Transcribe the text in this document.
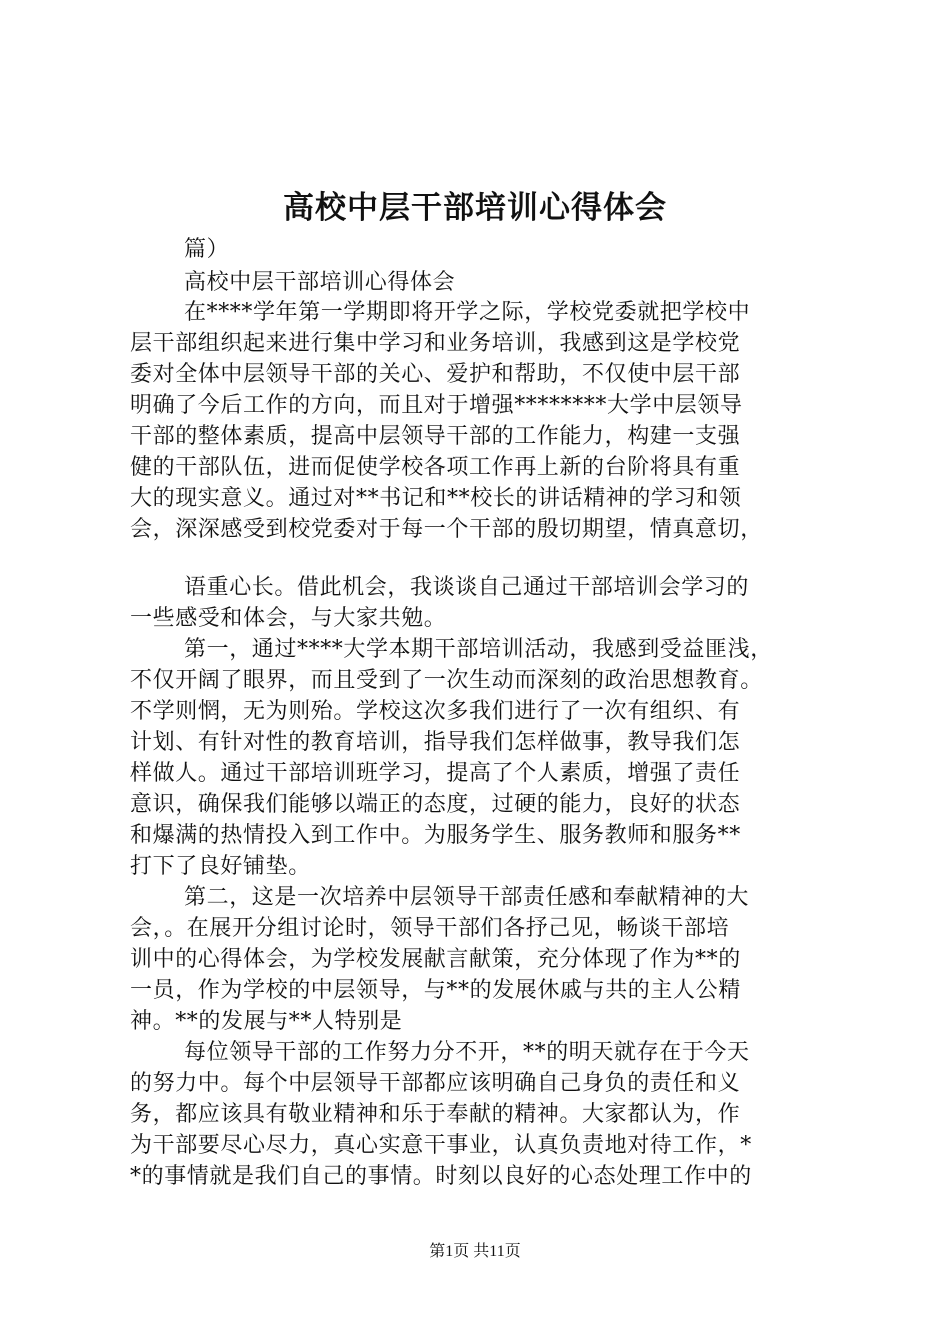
高校中层干部培训心得体会
篇）
高校中层干部培训心得体会
在****学年第一学期即将开学之际，学校党委就把学校中
层干部组织起来进行集中学习和业务培训，我感到这是学校党
委对全体中层领导干部的关心、爱护和帮助，不仅使中层干部
明确了今后工作的方向，而且对于增强********大学中层领导
干部的整体素质，提高中层领导干部的工作能力，构建一支强
健的干部队伍，进而促使学校各项工作再上新的台阶将具有重
大的现实意义。通过对**书记和**校长的讲话精神的学习和领
会，深深感受到校党委对于每一个干部的殷切期望，情真意切，
语重心长。借此机会，我谈谈自己通过干部培训会学习的
一些感受和体会，与大家共勉。
第一，通过****大学本期干部培训活动，我感到受益匪浅，
不仅开阔了眼界，而且受到了一次生动而深刻的政治思想教育。
不学则惘，无为则殆。学校这次多我们进行了一次有组织、有
计划、有针对性的教育培训，指导我们怎样做事，教导我们怎
样做人。通过干部培训班学习，提高了个人素质，增强了责任
意识，确保我们能够以端正的态度，过硬的能力，良好的状态
和爆满的热情投入到工作中。为服务学生、服务教师和服务**
打下了良好铺垫。
第二，这是一次培养中层领导干部责任感和奉献精神的大
会，。在展开分组讨论时，领导干部们各抒己见，畅谈干部培
训中的心得体会，为学校发展献言献策，充分体现了作为**的
一员，作为学校的中层领导，与**的发展休戚与共的主人公精
神。**的发展与**人特别是
每位领导干部的工作努力分不开，**的明天就存在于今天
的努力中。每个中层领导干部都应该明确自己身负的责任和义
务，都应该具有敬业精神和乐于奉献的精神。大家都认为，作
为干部要尽心尽力，真心实意干事业，认真负责地对待工作，*
*的事情就是我们自己的事情。时刻以良好的心态处理工作中的
第1页 共11页
